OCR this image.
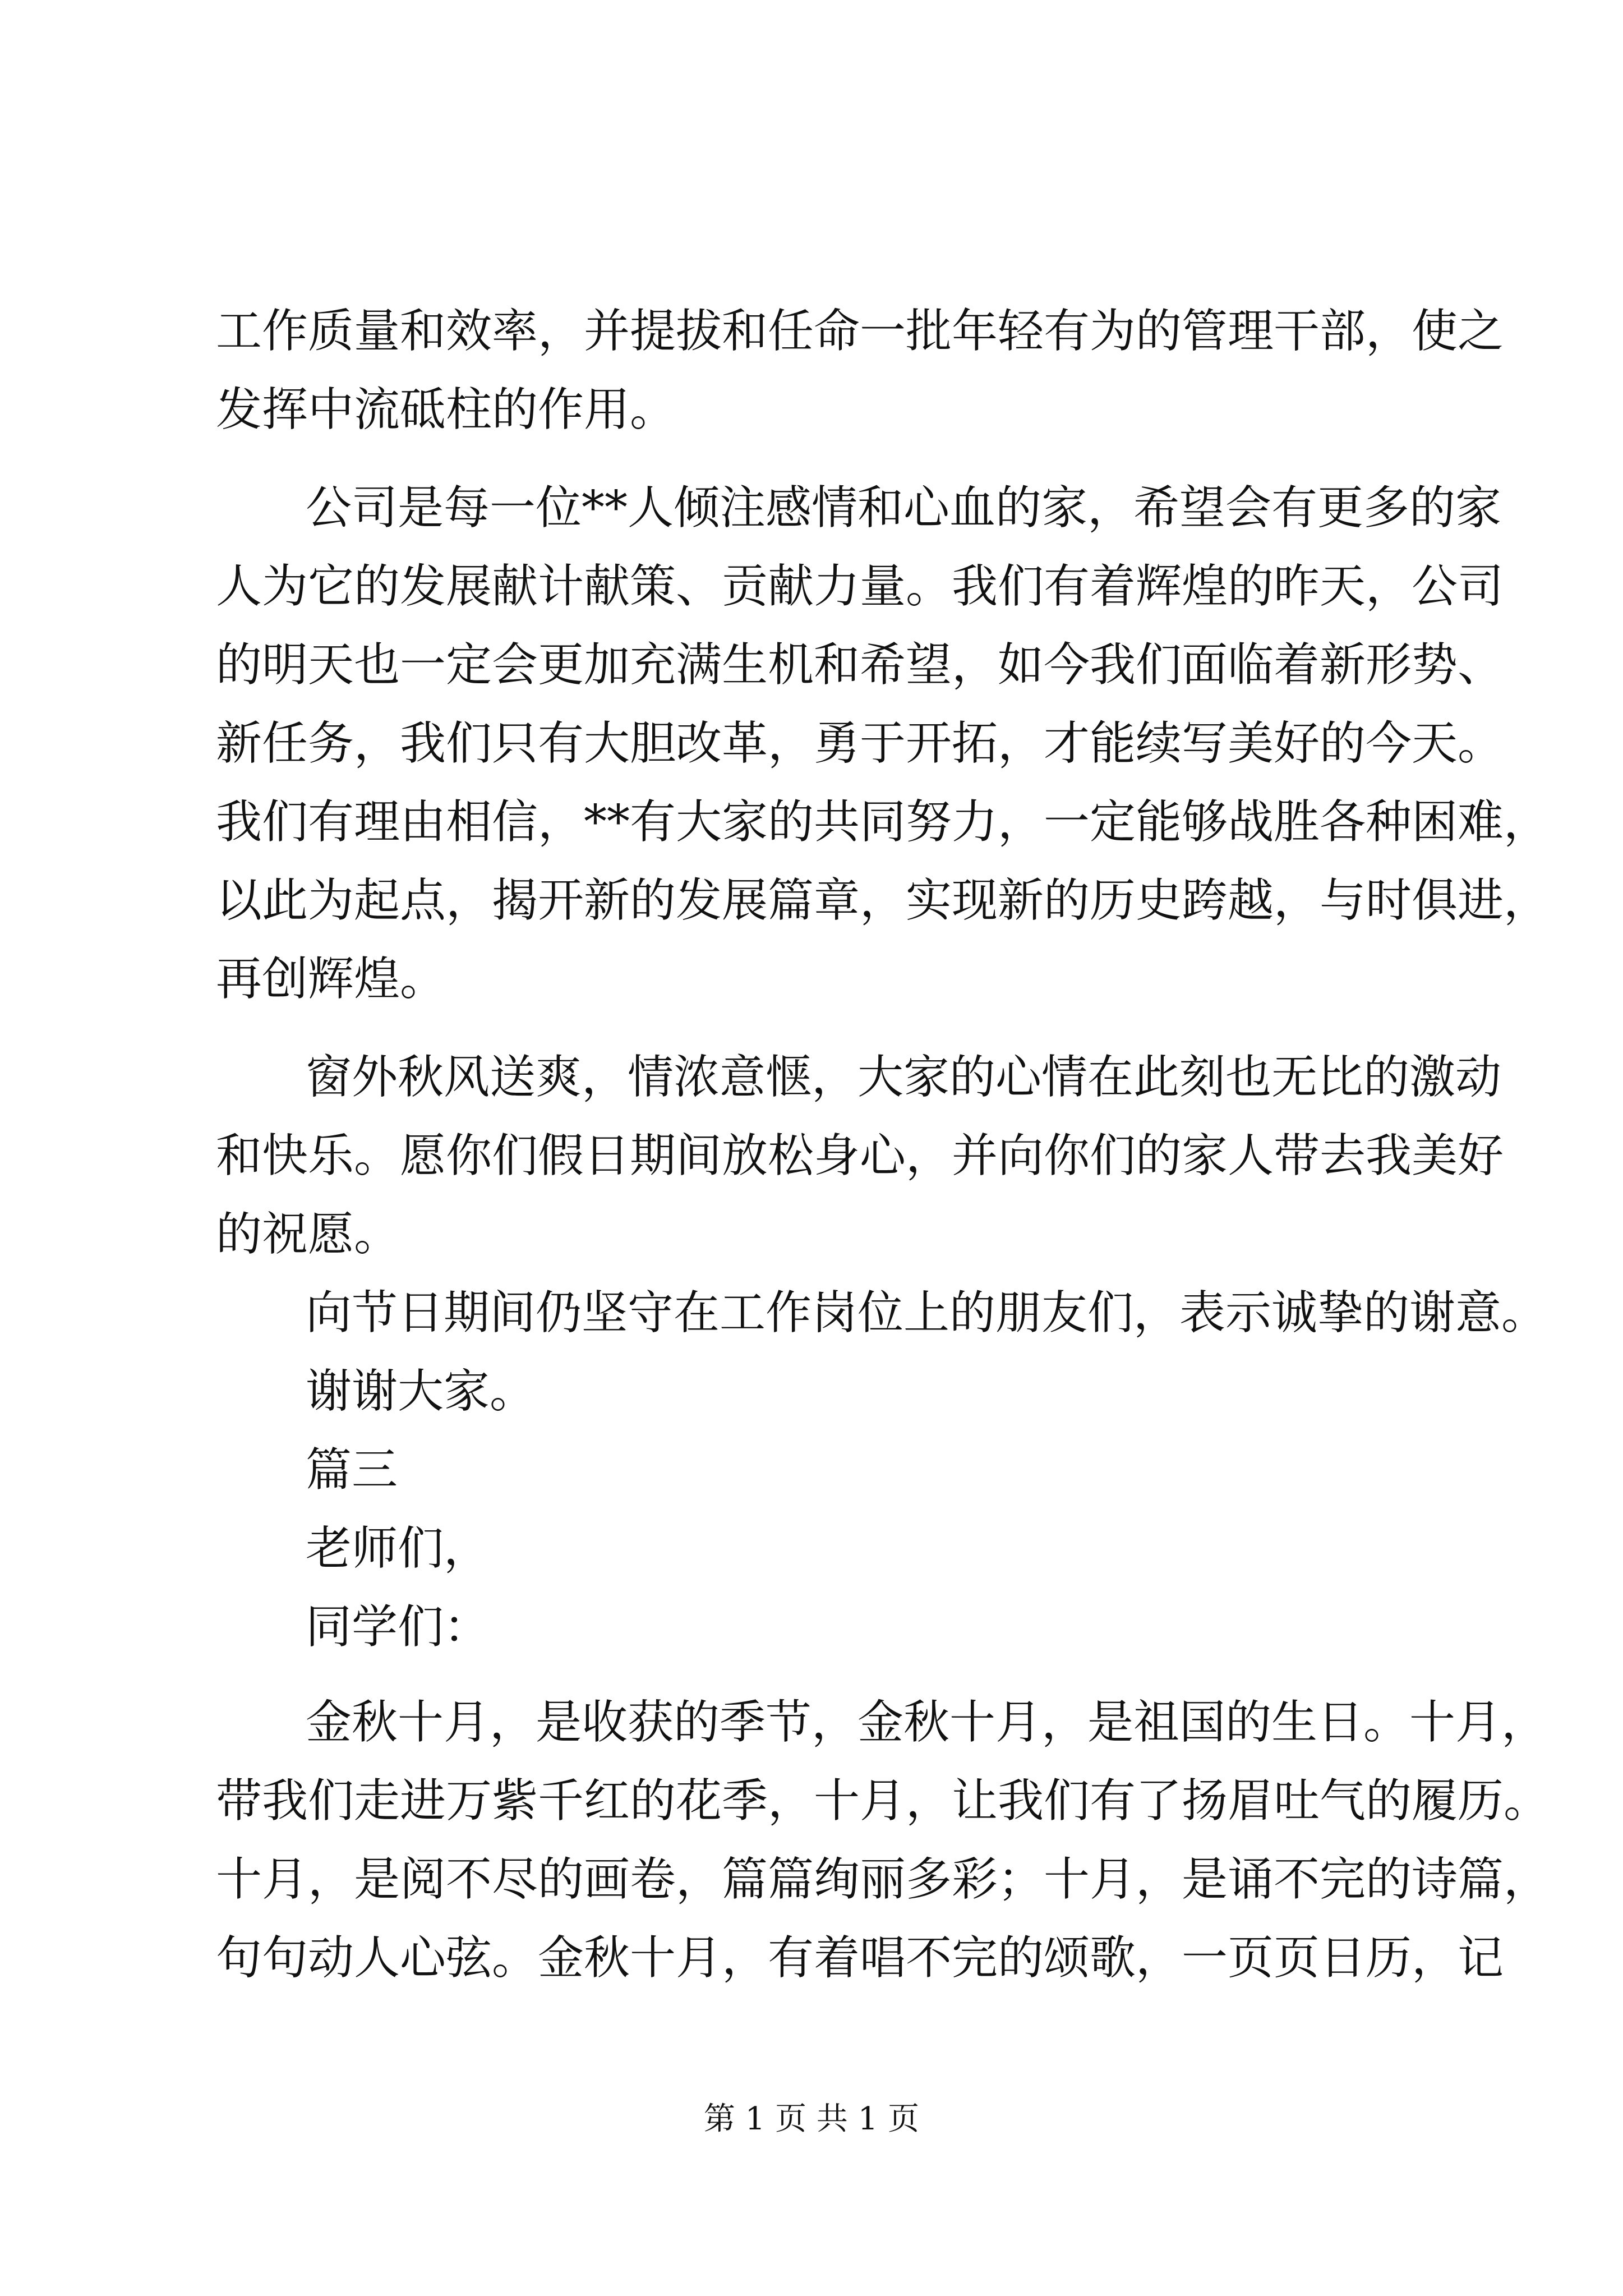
工作质量和效率，并提拔和任命一批年轻有为的管理干部，使之

发挥中流砥柱的作用。

公司是每一位**人倾注感情和心血的家，希望会有更多的家

人为它的发展献计献策、贡献力量。我们有着辉煌的昨天，公司

的明天也一定会更加充满生机和希望，如今我们面临着新形势、

新任务，我们只有大胆改革，勇于开拓，才能续写美好的今天。

我们有理由相信，**有大家的共同努力，一定能够战胜各种困难，

以此为起点，揭开新的发展篇章，实现新的历史跨越，与时俱进，

再创辉煌。

窗外秋风送爽，情浓意惬，大家的心情在此刻也无比的激动

和快乐。愿你们假日期间放松身心，并向你们的家人带去我美好

的祝愿。

向节日期间仍坚守在工作岗位上的朋友们，表示诚挚的谢意。

谢谢大家。

篇三

老师们，

同学们：

金秋十月，是收获的季节，金秋十月，是祖国的生日。十月，

带我们走进万紫千红的花季，十月，让我们有了扬眉吐气的履历。

十月，是阅不尽的画卷，篇篇绚丽多彩；十月，是诵不完的诗篇，

句句动人心弦。金秋十月，有着唱不完的颂歌，一页页日历，记

第 1 页 共 1 页
